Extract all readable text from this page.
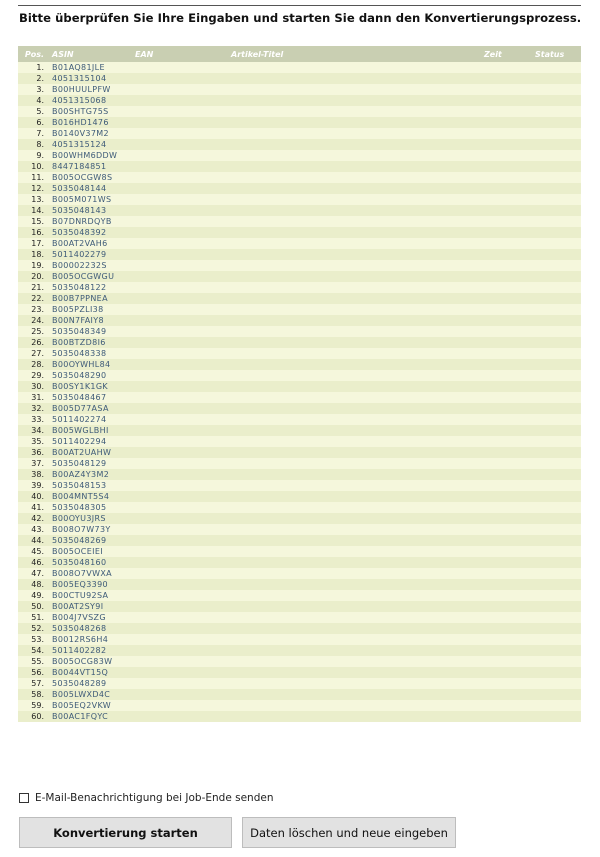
Bitte überprüfen Sie Ihre Eingaben und starten Sie dann den Konvertierungsprozess.
Pos.	ASIN	EAN	Artikel-Titel	Zeit	Status
1.	B01AQ81JLE				
2.	4051315104				
3.	B00HUULPFW				
4.	4051315068				
5.	B00SHTG75S				
6.	B016HD1476				
7.	B0140V37M2				
8.	4051315124				
9.	B00WHM6DDW				
10.	8447184851				
11.	B005OCGW8S				
12.	5035048144				
13.	B005M071WS				
14.	5035048143				
15.	B07DNRDQYB				
16.	5035048392				
17.	B00AT2VAH6				
18.	5011402279				
19.	B00002232S				
20.	B005OCGWGU				
21.	5035048122				
22.	B00B7PPNEA				
23.	B005PZLI38				
24.	B00N7FAIY8				
25.	5035048349				
26.	B00BTZD8I6				
27.	5035048338				
28.	B00OYWHL84				
29.	5035048290				
30.	B00SY1K1GK				
31.	5035048467				
32.	B005D77ASA				
33.	5011402274				
34.	B005WGLBHI				
35.	5011402294				
36.	B00AT2UAHW				
37.	5035048129				
38.	B00AZ4Y3M2				
39.	5035048153				
40.	B004MNT5S4				
41.	5035048305				
42.	B00OYU3JRS				
43.	B008O7W73Y				
44.	5035048269				
45.	B005OCEIEI				
46.	5035048160				
47.	B008O7VWXA				
48.	B005EQ3390				
49.	B00CTU92SA				
50.	B00AT2SY9I				
51.	B004J7VSZG				
52.	5035048268				
53.	B0012RS6H4				
54.	5011402282				
55.	B005OCG83W				
56.	B0044VT15Q				
57.	5035048289				
58.	B005LWXD4C				
59.	B005EQ2VKW				
60.	B00AC1FQYC				
E-Mail-Benachrichtigung bei Job-Ende senden
Konvertierung starten	Daten löschen und neue eingeben
